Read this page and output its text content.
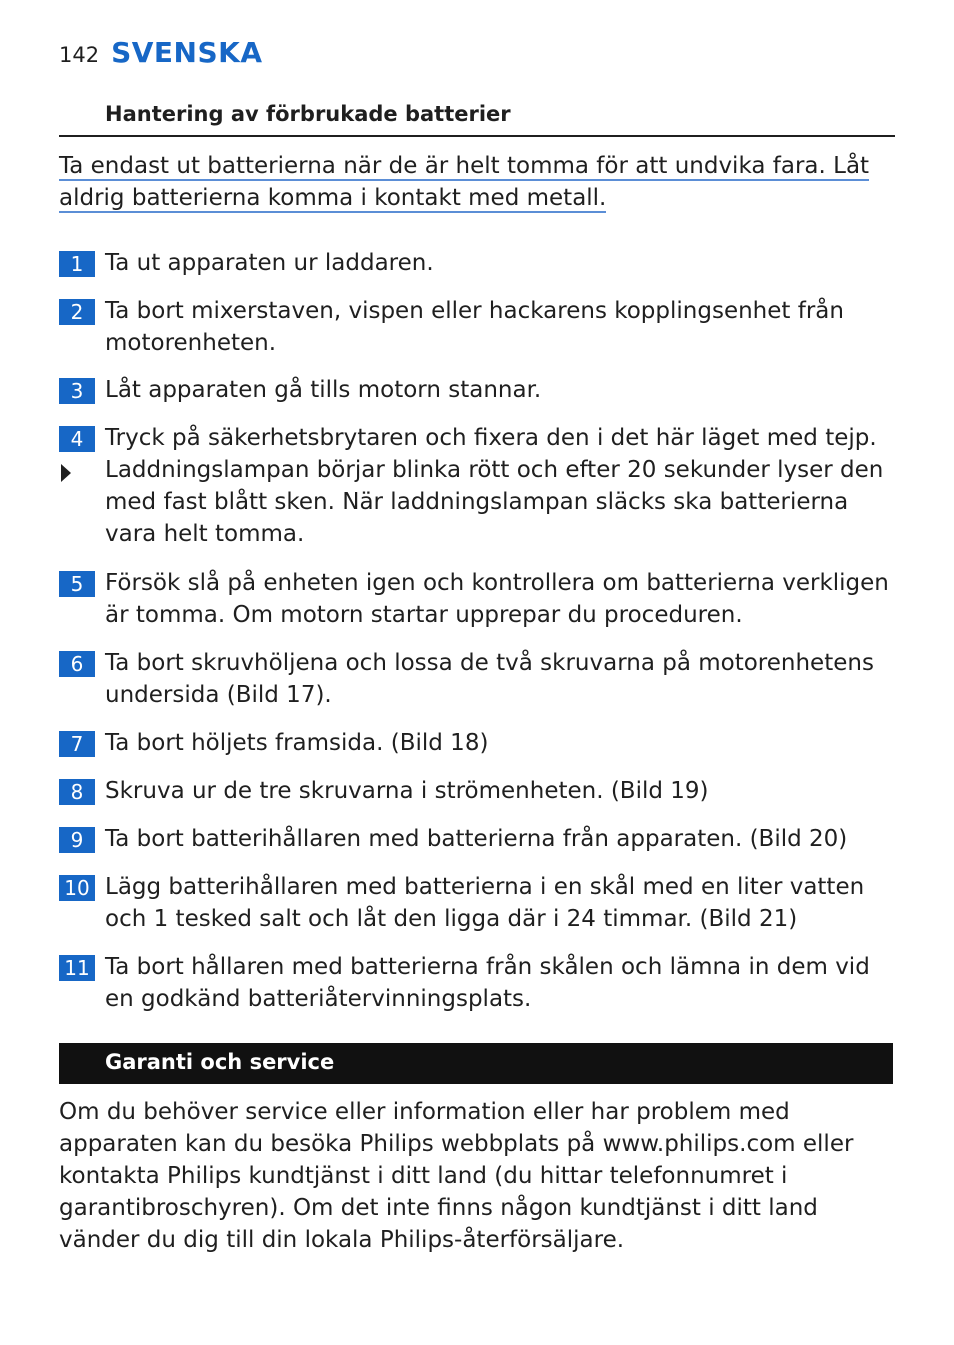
142 SVENSKA
Hantering av förbrukade batterier
Ta endast ut batterierna när de är helt tomma för att undvika fara. Låt aldrig batterierna komma i kontakt med metall.
1 Ta ut apparaten ur laddaren.
2 Ta bort mixerstaven, vispen eller hackarens kopplingsenhet från motorenheten.
3 Låt apparaten gå tills motorn stannar.
4 Tryck på säkerhetsbrytaren och fixera den i det här läget med tejp.
Laddningslampan börjar blinka rött och efter 20 sekunder lyser den med fast blått sken. När laddningslampan släcks ska batterierna vara helt tomma.
5 Försök slå på enheten igen och kontrollera om batterierna verkligen är tomma. Om motorn startar upprepar du proceduren.
6 Ta bort skruvhöljena och lossa de två skruvarna på motorenhetens undersida (Bild 17).
7 Ta bort höljets framsida. (Bild 18)
8 Skruva ur de tre skruvarna i strömenheten. (Bild 19)
9 Ta bort batterihållaren med batterierna från apparaten. (Bild 20)
10 Lägg batterihållaren med batterierna i en skål med en liter vatten och 1 tesked salt och låt den ligga där i 24 timmar. (Bild 21)
11 Ta bort hållaren med batterierna från skålen och lämna in dem vid en godkänd batteriåtervinningsplats.
Garanti och service
Om du behöver service eller information eller har problem med apparaten kan du besöka Philips webbplats på www.philips.com eller kontakta Philips kundtjänst i ditt land (du hittar telefonnumret i garantibroschyren). Om det inte finns någon kundtjänst i ditt land vänder du dig till din lokala Philips-återförsäljare.
